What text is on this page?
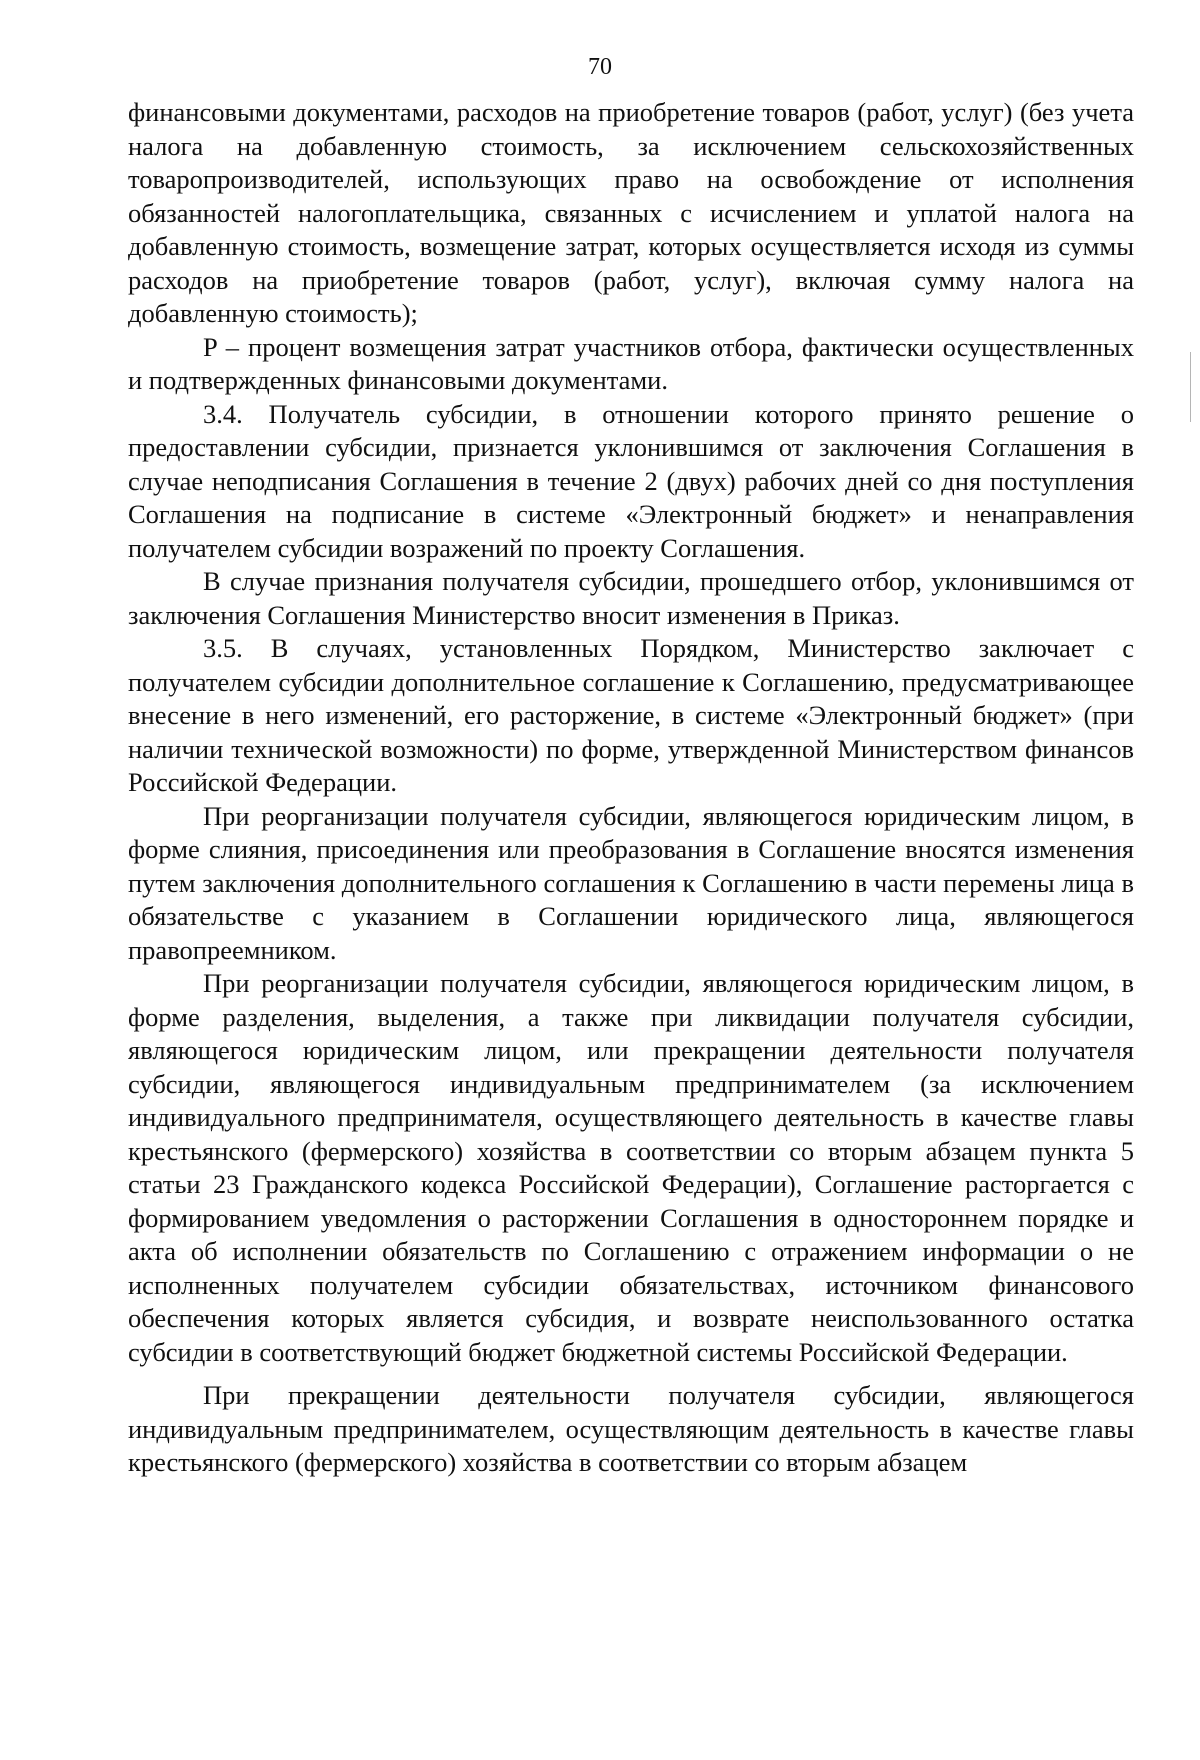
70

финансовыми документами, расходов на приобретение товаров (работ, услуг) (без учета налога на добавленную стоимость, за исключением сельскохозяйственных товаропроизводителей, использующих право на освобождение от исполнения обязанностей налогоплательщика, связанных с исчислением и уплатой налога на добавленную стоимость, возмещение затрат, которых осуществляется исходя из суммы расходов на приобретение товаров (работ, услуг), включая сумму налога на добавленную стоимость);

P – процент возмещения затрат участников отбора, фактически осуществленных и подтвержденных финансовыми документами.

3.4. Получатель субсидии, в отношении которого принято решение о предоставлении субсидии, признается уклонившимся от заключения Соглашения в случае неподписания Соглашения в течение 2 (двух) рабочих дней со дня поступления Соглашения на подписание в системе «Электронный бюджет» и ненаправления получателем субсидии возражений по проекту Соглашения.

В случае признания получателя субсидии, прошедшего отбор, уклонившимся от заключения Соглашения Министерство вносит изменения в Приказ.

3.5. В случаях, установленных Порядком, Министерство заключает с получателем субсидии дополнительное соглашение к Соглашению, предусматривающее внесение в него изменений, его расторжение, в системе «Электронный бюджет» (при наличии технической возможности) по форме, утвержденной Министерством финансов Российской Федерации.

При реорганизации получателя субсидии, являющегося юридическим лицом, в форме слияния, присоединения или преобразования в Соглашение вносятся изменения путем заключения дополнительного соглашения к Соглашению в части перемены лица в обязательстве с указанием в Соглашении юридического лица, являющегося правопреемником.

При реорганизации получателя субсидии, являющегося юридическим лицом, в форме разделения, выделения, а также при ликвидации получателя субсидии, являющегося юридическим лицом, или прекращении деятельности получателя субсидии, являющегося индивидуальным предпринимателем (за исключением индивидуального предпринимателя, осуществляющего деятельность в качестве главы крестьянского (фермерского) хозяйства в соответствии со вторым абзацем пункта 5 статьи 23 Гражданского кодекса Российской Федерации), Соглашение расторгается с формированием уведомления о расторжении Соглашения в одностороннем порядке и акта об исполнении обязательств по Соглашению с отражением информации о не исполненных получателем субсидии обязательствах, источником финансового обеспечения которых является субсидия, и возврате неиспользованного остатка субсидии в соответствующий бюджет бюджетной системы Российской Федерации.

При прекращении деятельности получателя субсидии, являющегося индивидуальным предпринимателем, осуществляющим деятельность в качестве главы крестьянского (фермерского) хозяйства в соответствии со вторым абзацем
